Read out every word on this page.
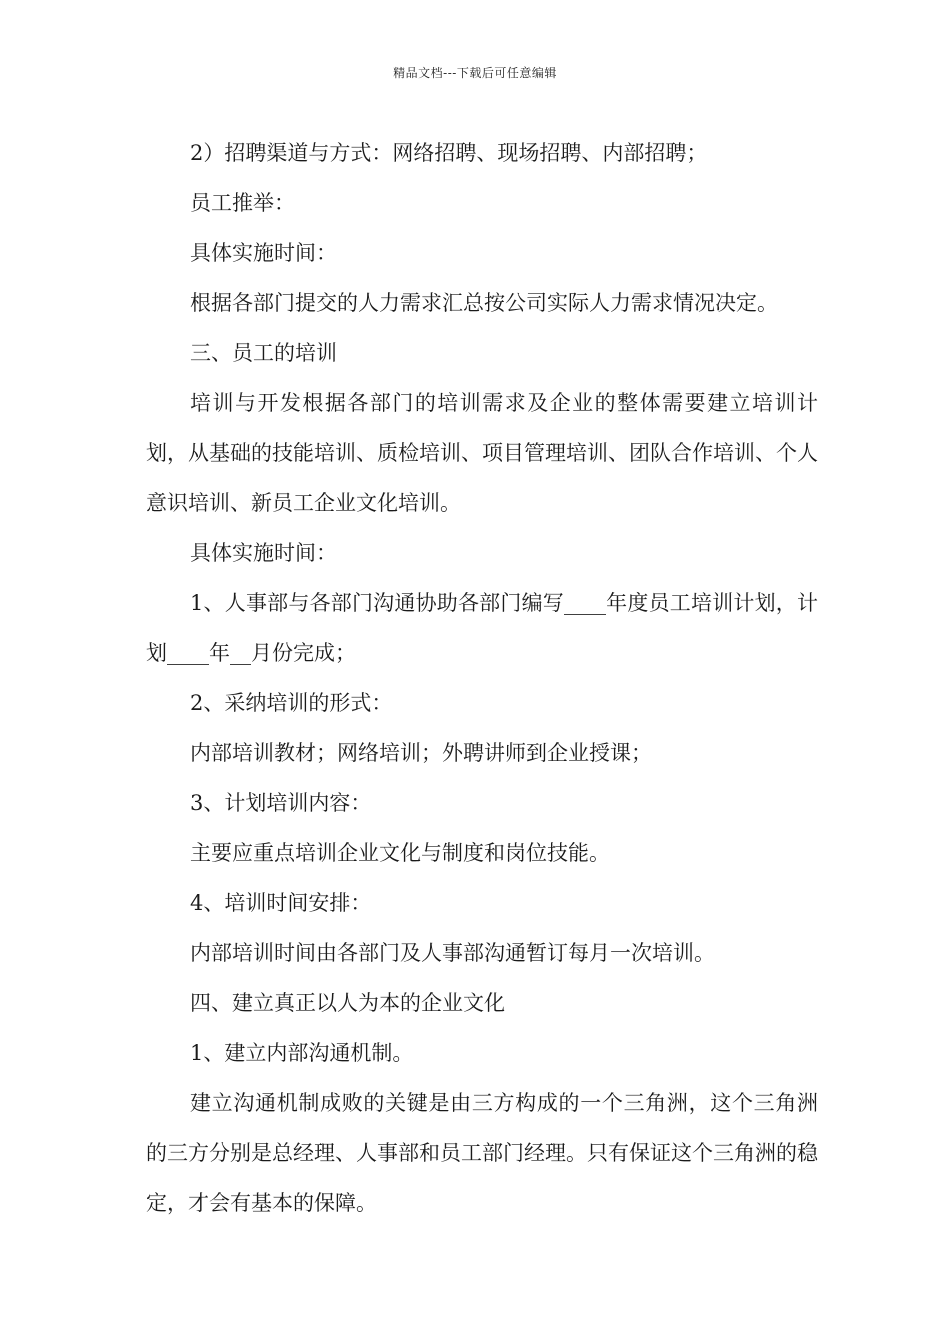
精品文档---下载后可任意编辑

2）招聘渠道与方式：网络招聘、现场招聘、内部招聘；

员工推举：

具体实施时间：

根据各部门提交的人力需求汇总按公司实际人力需求情况决定。

三、员工的培训

培训与开发根据各部门的培训需求及企业的整体需要建立培训计划，从基础的技能培训、质检培训、项目管理培训、团队合作培训、个人意识培训、新员工企业文化培训。

具体实施时间：

1、人事部与各部门沟通协助各部门编写____年度员工培训计划，计划____年__月份完成；

2、采纳培训的形式：

内部培训教材；网络培训；外聘讲师到企业授课；

3、计划培训内容：

主要应重点培训企业文化与制度和岗位技能。

4、培训时间安排：

内部培训时间由各部门及人事部沟通暂订每月一次培训。

四、建立真正以人为本的企业文化

1、建立内部沟通机制。

建立沟通机制成败的关键是由三方构成的一个三角洲，这个三角洲的三方分别是总经理、人事部和员工部门经理。只有保证这个三角洲的稳定，才会有基本的保障。
